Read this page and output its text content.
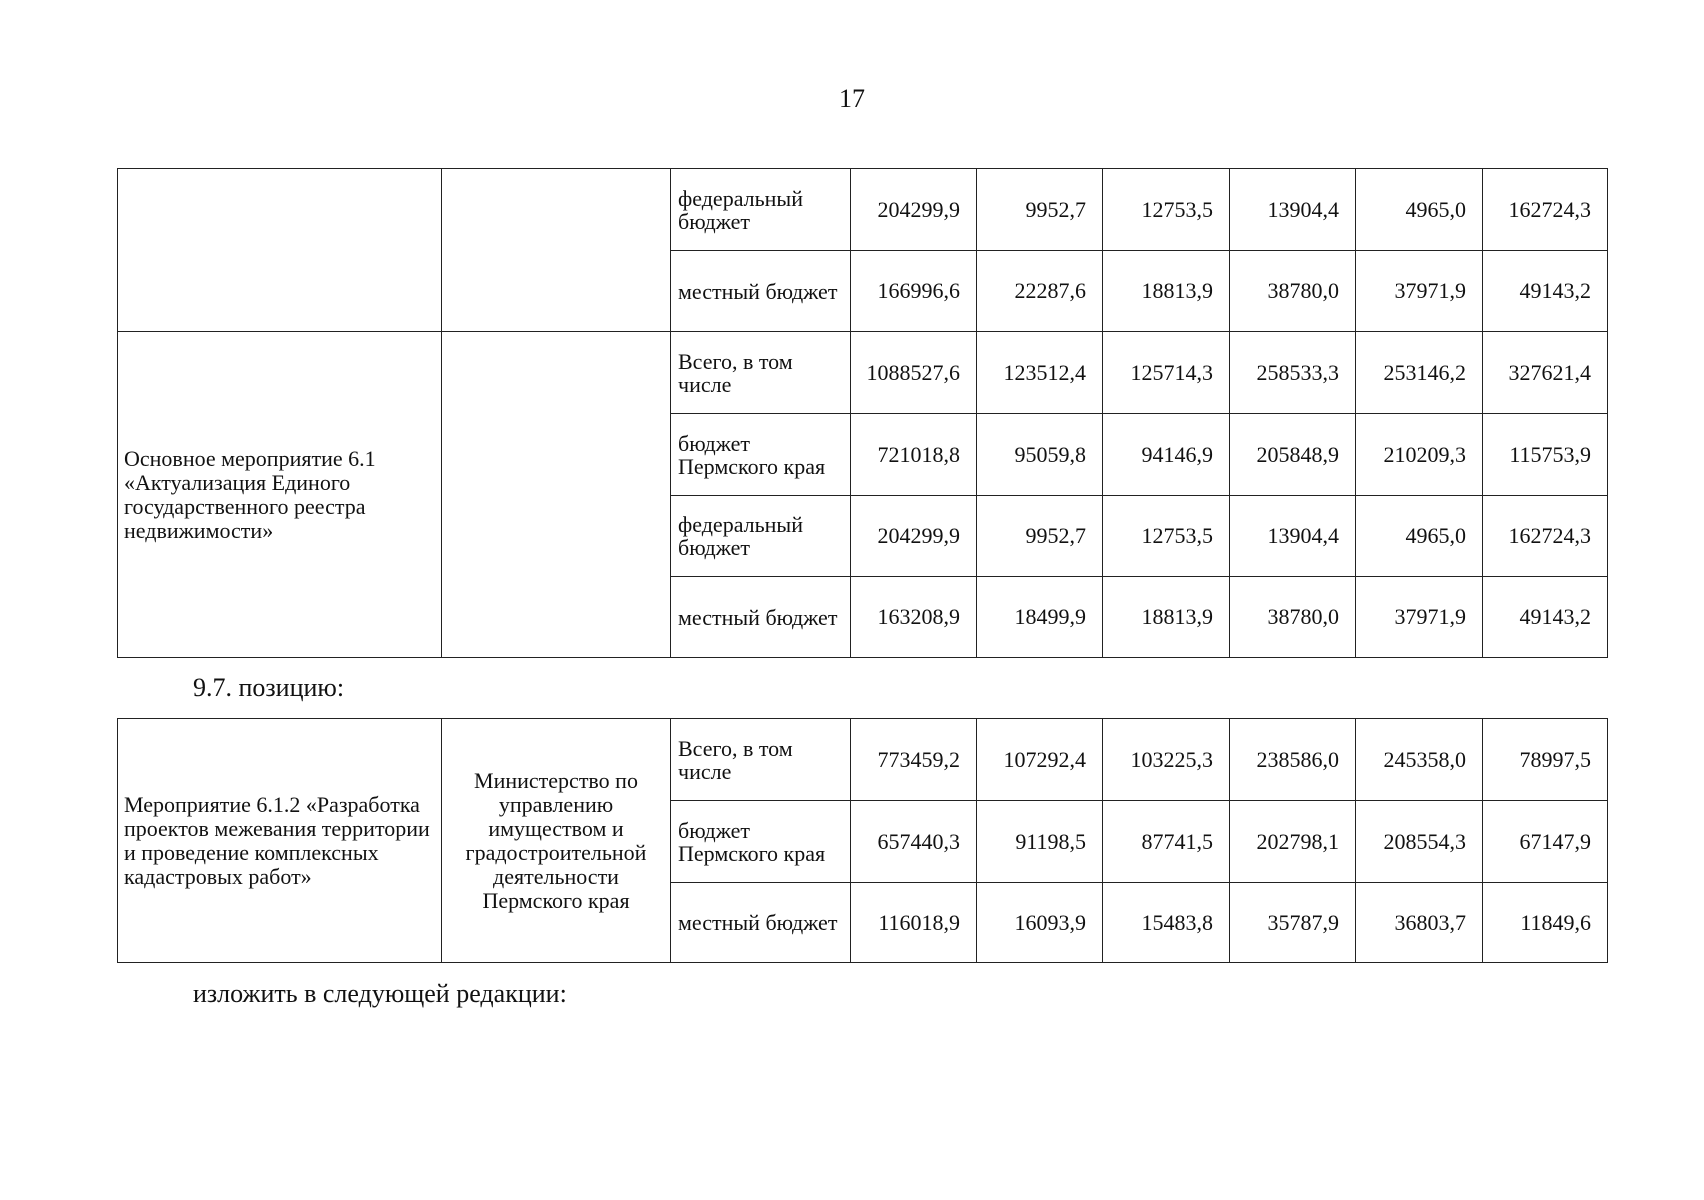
17
		федеральный бюджет	204299,9	9952,7	12753,5	13904,4	4965,0	162724,3
		местный бюджет	166996,6	22287,6	18813,9	38780,0	37971,9	49143,2
Основное мероприятие 6.1 «Актуализация Единого государственного реестра недвижимости»		Всего, в том числе	1088527,6	123512,4	125714,3	258533,3	253146,2	327621,4
		бюджет Пермского края	721018,8	95059,8	94146,9	205848,9	210209,3	115753,9
		федеральный бюджет	204299,9	9952,7	12753,5	13904,4	4965,0	162724,3
		местный бюджет	163208,9	18499,9	18813,9	38780,0	37971,9	49143,2
9.7. позицию:
Мероприятие 6.1.2 «Разработка проектов межевания территории и проведение комплексных кадастровых работ»	Министерство по управлению имуществом и градостроительной деятельности Пермского края	Всего, в том числе	773459,2	107292,4	103225,3	238586,0	245358,0	78997,5
		бюджет Пермского края	657440,3	91198,5	87741,5	202798,1	208554,3	67147,9
		местный бюджет	116018,9	16093,9	15483,8	35787,9	36803,7	11849,6
изложить в следующей редакции:
